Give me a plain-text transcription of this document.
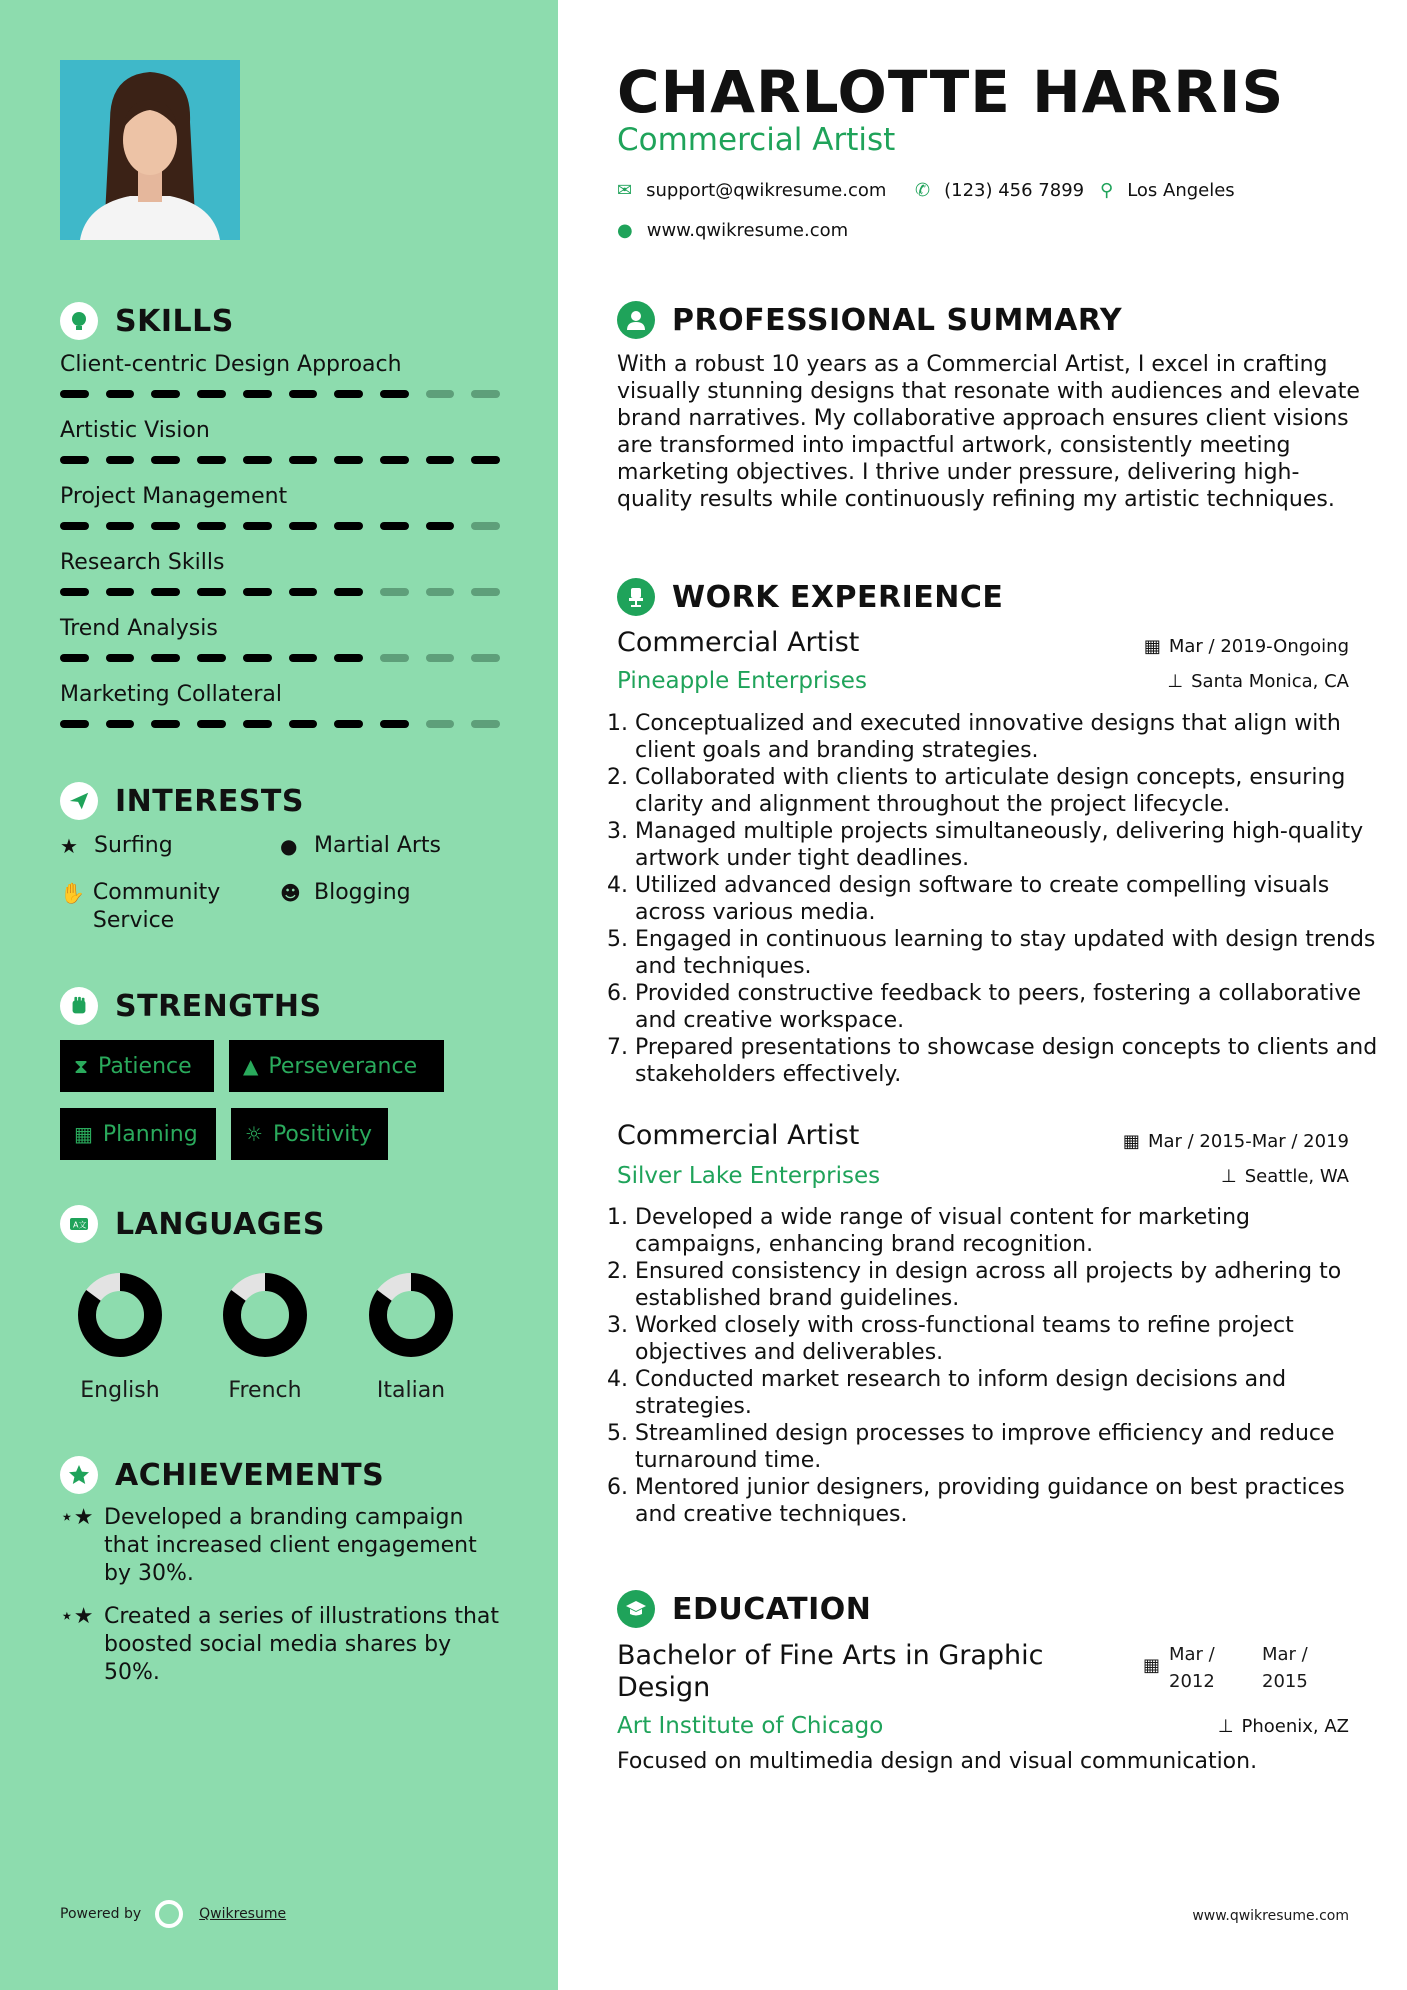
SKILLS
Client-centric Design Approach
Artistic Vision
Project Management
Research Skills
Trend Analysis
Marketing Collateral
INTERESTS
★ Surfing	● Martial Arts
✋ Community Service
☻ Blogging
STRENGTHS
⧗ Patience	▲ Perseverance
▦ Planning ☼ Positivity
A文 LANGUAGES
English	French	Italian
ACHIEVEMENTS
⋆★ Developed a branding campaign that increased client engagement by 30%.
⋆★ Created a series of illustrations that boosted social media shares by 50%.
Powered by	Qwikresume
CHARLOTTE HARRIS
Commercial Artist
✉ support@qwikresume.com ✆ (123) 456 7899 ⚲ Los Angeles
● www.qwikresume.com
PROFESSIONAL SUMMARY
With a robust 10 years as a Commercial Artist, I excel in crafting visually stunning designs that resonate with audiences and elevate brand narratives. My collaborative approach ensures client visions are transformed into impactful artwork, consistently meeting marketing objectives. I thrive under pressure, delivering high-quality results while continuously refining my artistic techniques.
WORK EXPERIENCE
Commercial Artist	▦ Mar / 2019-Ongoing
Pineapple Enterprises	⊥ Santa Monica, CA
Conceptualized and executed innovative designs that align with client goals and branding strategies.
Collaborated with clients to articulate design concepts, ensuring clarity and alignment throughout the project lifecycle.
Managed multiple projects simultaneously, delivering high-quality artwork under tight deadlines.
Utilized advanced design software to create compelling visuals across various media.
Engaged in continuous learning to stay updated with design trends and techniques.
Provided constructive feedback to peers, fostering a collaborative and creative workspace.
Prepared presentations to showcase design concepts to clients and stakeholders effectively.
Commercial Artist	▦ Mar / 2015-Mar / 2019
Silver Lake Enterprises	⊥ Seattle, WA
Developed a wide range of visual content for marketing campaigns, enhancing brand recognition.
Ensured consistency in design across all projects by adhering to established brand guidelines.
Worked closely with cross-functional teams to refine project objectives and deliverables.
Conducted market research to inform design decisions and strategies.
Streamlined design processes to improve efficiency and reduce turnaround time.
Mentored junior designers, providing guidance on best practices and creative techniques.
EDUCATION
Bachelor of Fine Arts in Graphic Design
▦
Mar / 2012
Mar / 2015
Art Institute of Chicago	⊥ Phoenix, AZ
Focused on multimedia design and visual communication.
www.qwikresume.com
